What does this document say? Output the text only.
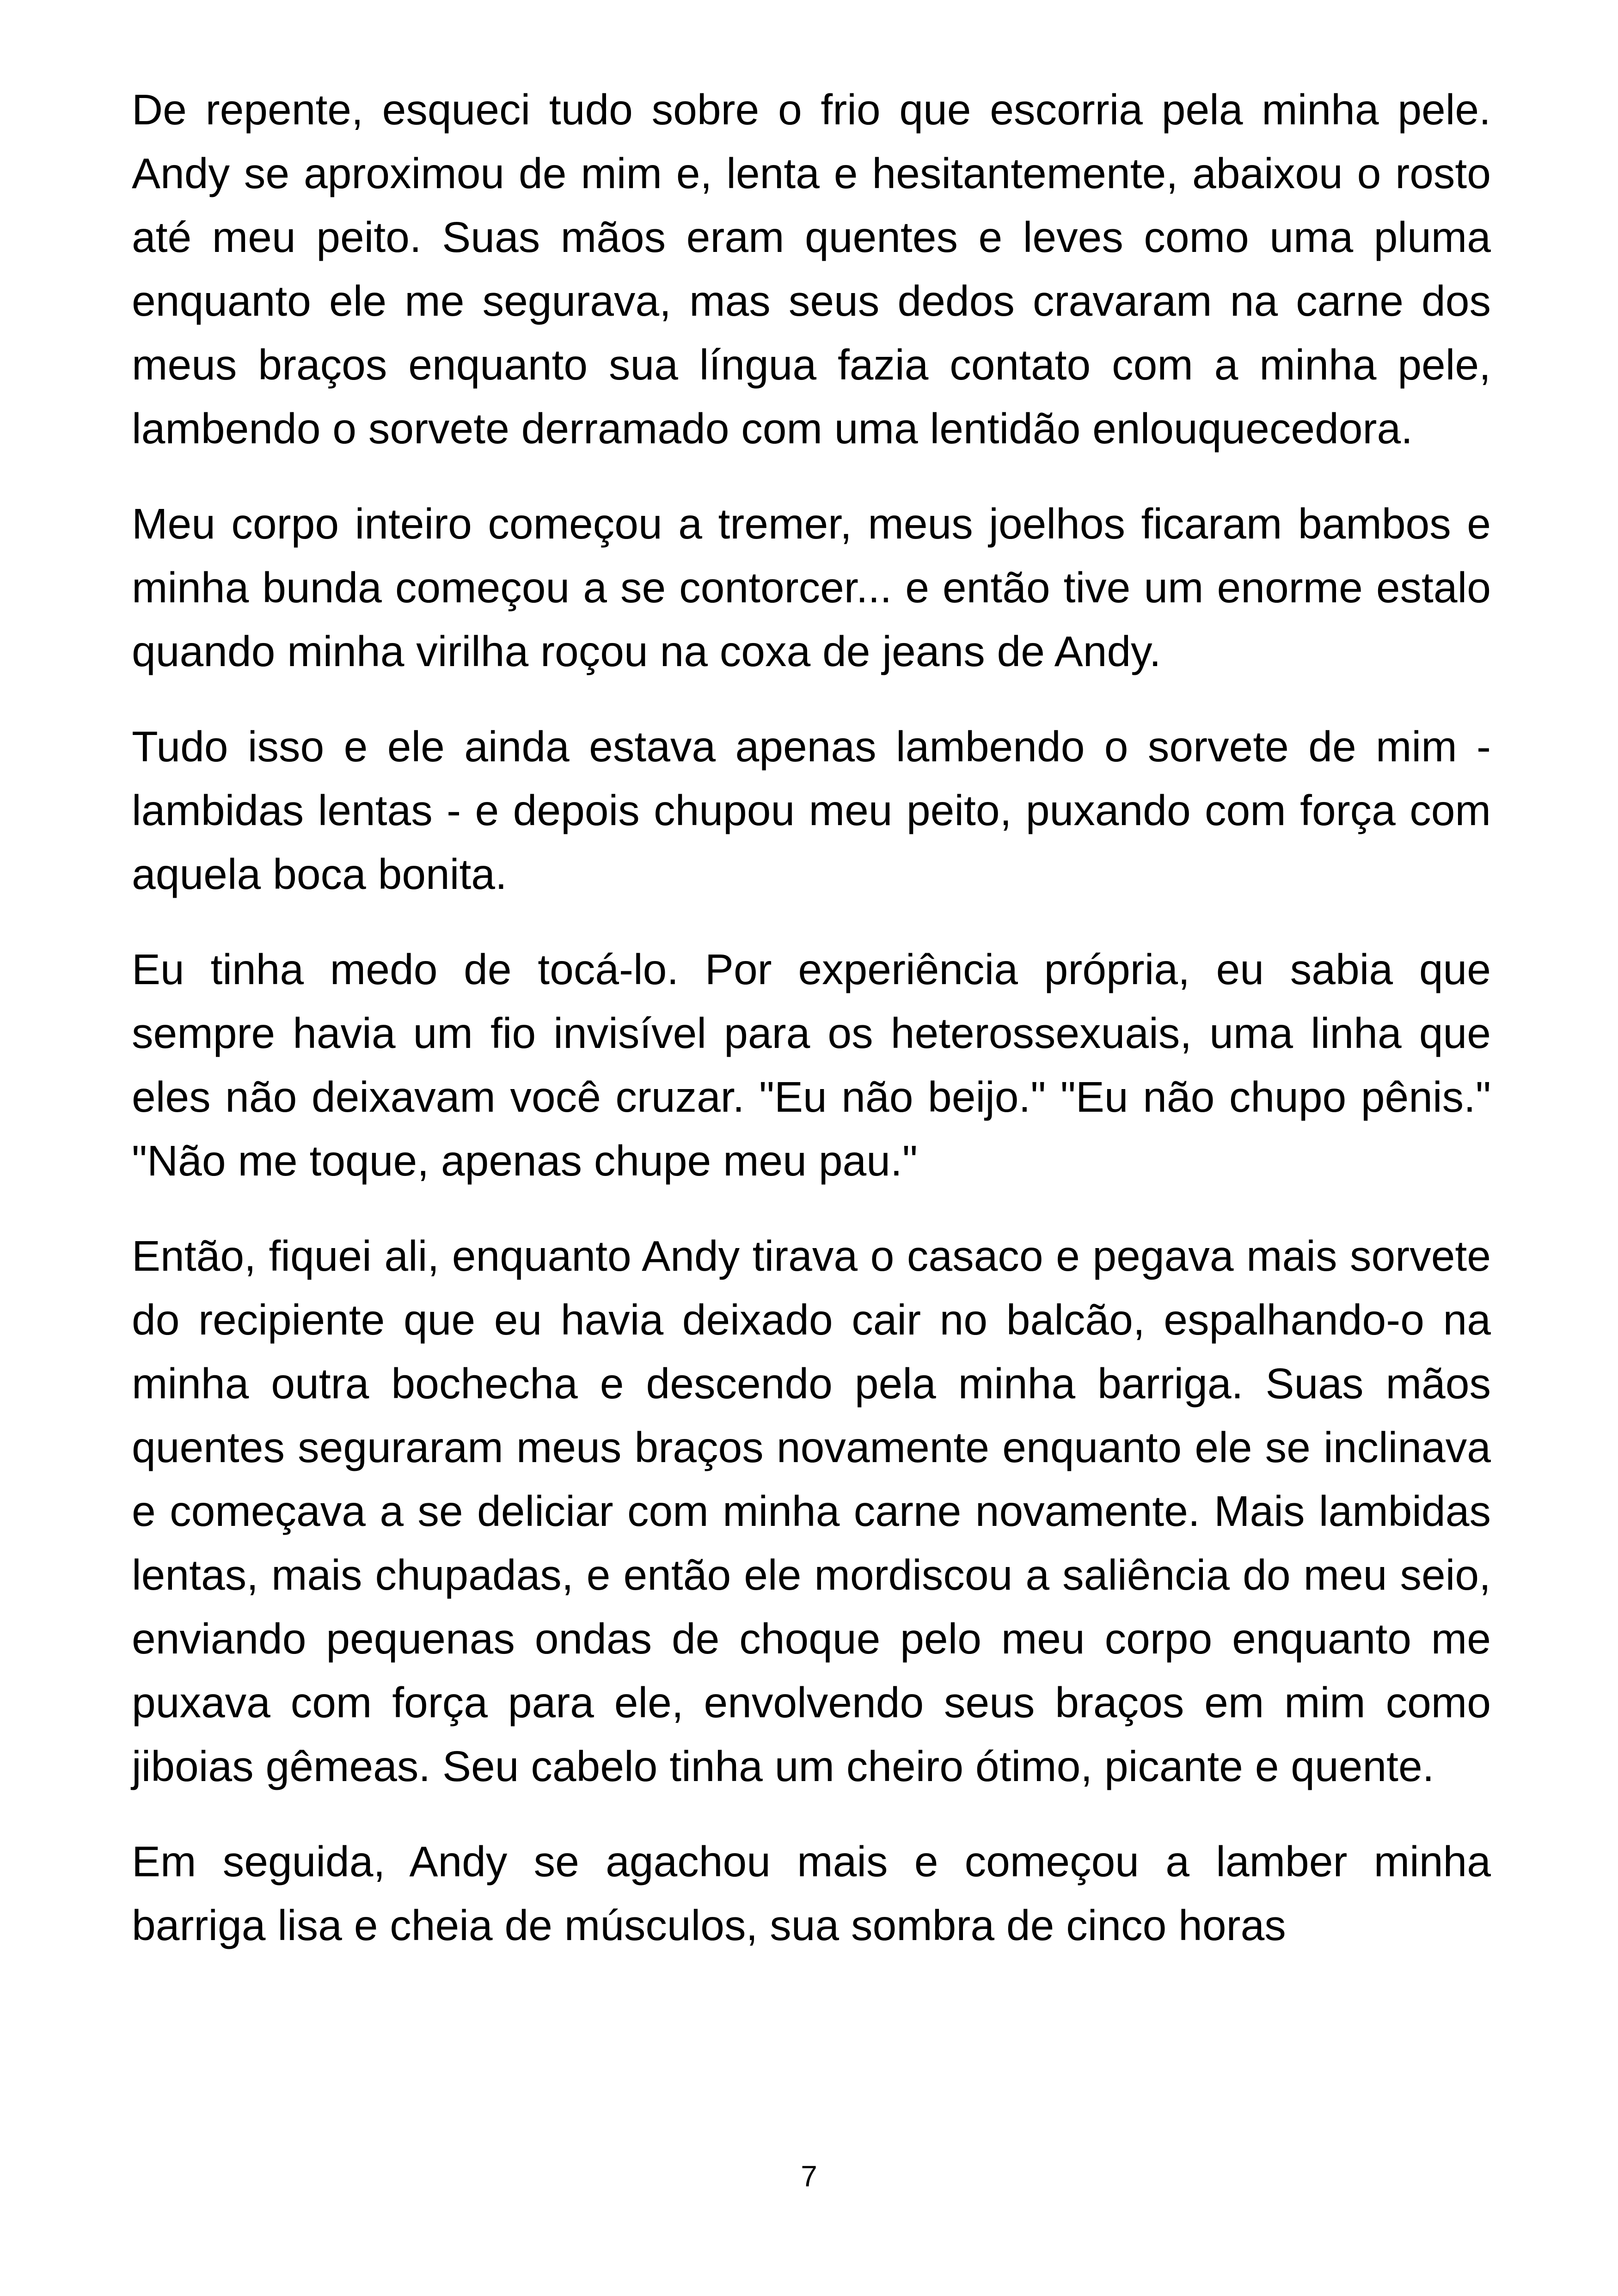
De repente, esqueci tudo sobre o frio que escorria pela minha pele. Andy se aproximou de mim e, lenta e hesitantemente, abaixou o rosto até meu peito. Suas mãos eram quentes e leves como uma pluma enquanto ele me segurava, mas seus dedos cravaram na carne dos meus braços enquanto sua língua fazia contato com a minha pele, lambendo o sorvete derramado com uma lentidão enlouquecedora.

Meu corpo inteiro começou a tremer, meus joelhos ficaram bambos e minha bunda começou a se contorcer... e então tive um enorme estalo quando minha virilha roçou na coxa de jeans de Andy.

Tudo isso e ele ainda estava apenas lambendo o sorvete de mim - lambidas lentas - e depois chupou meu peito, puxando com força com aquela boca bonita.

Eu tinha medo de tocá-lo. Por experiência própria, eu sabia que sempre havia um fio invisível para os heterossexuais, uma linha que eles não deixavam você cruzar. "Eu não beijo." "Eu não chupo pênis." "Não me toque, apenas chupe meu pau."

Então, fiquei ali, enquanto Andy tirava o casaco e pegava mais sorvete do recipiente que eu havia deixado cair no balcão, espalhando-o na minha outra bochecha e descendo pela minha barriga. Suas mãos quentes seguraram meus braços novamente enquanto ele se inclinava e começava a se deliciar com minha carne novamente. Mais lambidas lentas, mais chupadas, e então ele mordiscou a saliência do meu seio, enviando pequenas ondas de choque pelo meu corpo enquanto me puxava com força para ele, envolvendo seus braços em mim como jiboias gêmeas. Seu cabelo tinha um cheiro ótimo, picante e quente.

Em seguida, Andy se agachou mais e começou a lamber minha barriga lisa e cheia de músculos, sua sombra de cinco horas

7
